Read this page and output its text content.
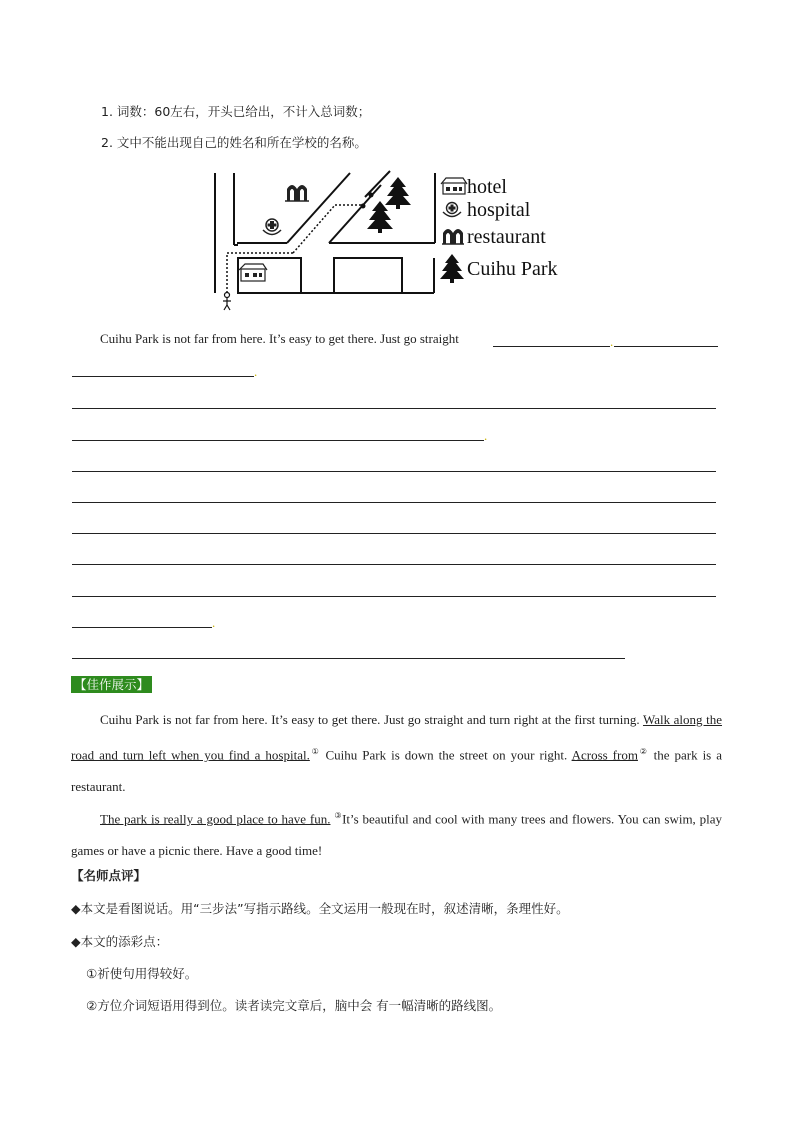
1. 词数：60左右，开头已给出，不计入总词数；
2. 文中不能出现自己的姓名和所在学校的名称。
hotel
hospital
restaurant
Cuihu Park
Cuihu Park is not far from here. It’s easy to get there. Just go straight	.
.
.
.
【佳作展示】
Cuihu Park is not far from here. It’s easy to get there. Just go straight and turn right at the first turning. Walk along the road and turn left when you find a hospital.① Cuihu Park is down the street on your right. Across from② the park is a restaurant.
The park is really a good place to have fun. ③It’s beautiful and cool with many trees and flowers. You can swim, play games or have a picnic there. Have a good time!
【名师点评】
◆本文是看图说话。用“三步法”写指示路线。全文运用一般现在时，叙述清晰，条理性好。
◆本文的添彩点：
①祈使句用得较好。
②方位介词短语用得到位。读者读完文章后，脑中会 有一幅清晰的路线图。
